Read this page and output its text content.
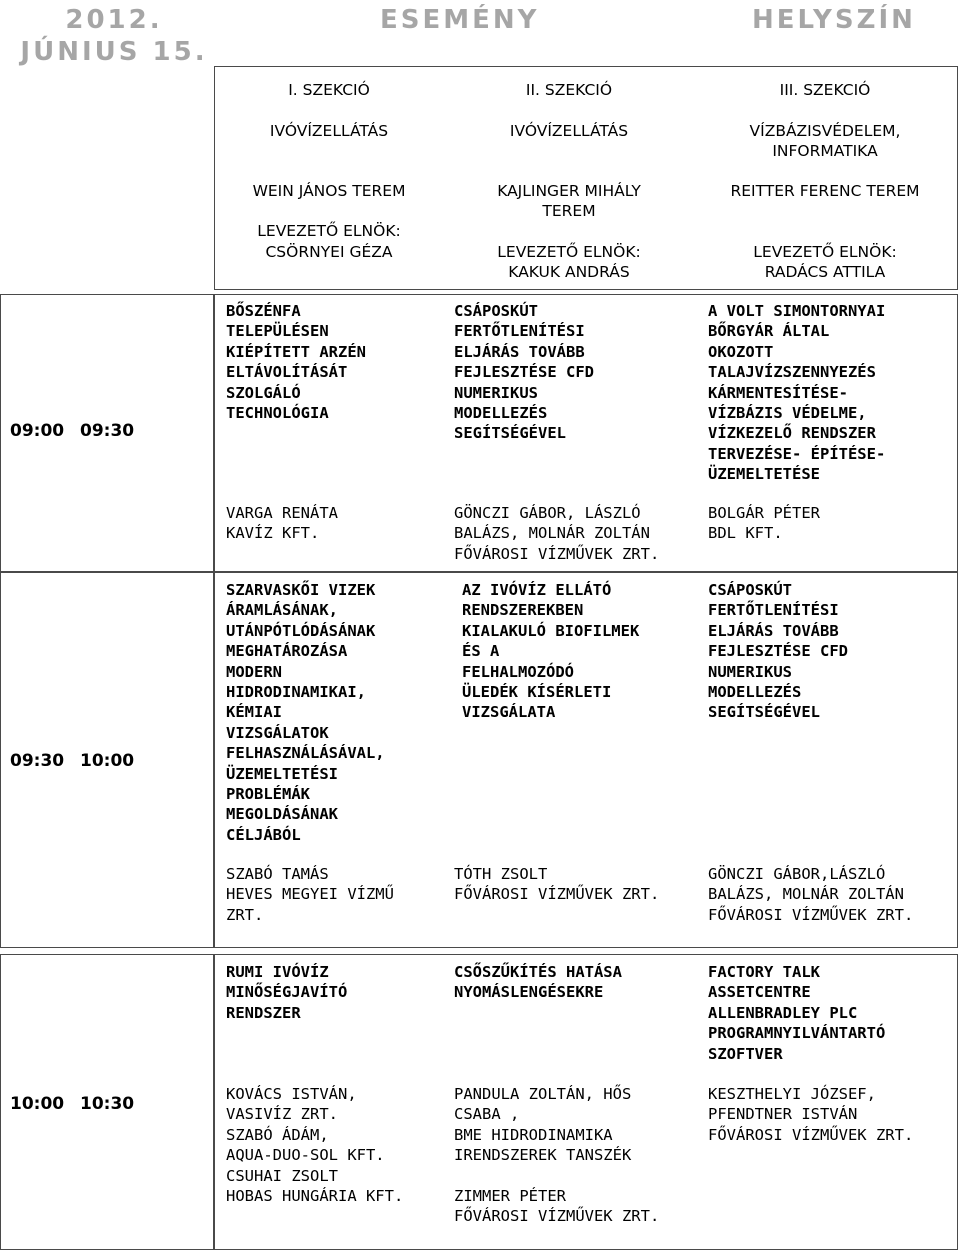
2012.
JÚNIUS 15.
ESEMÉNY	HELYSZÍN
I. SZEKCIÓ
IVÓVÍZELLÁTÁS
WEIN JÁNOS TEREM
LEVEZETŐ ELNÖK:
CSÖRNYEI GÉZA
II. SZEKCIÓ
IVÓVÍZELLÁTÁS
KAJLINGER MIHÁLY
TEREM
LEVEZETŐ ELNÖK:
KAKUK ANDRÁS
III. SZEKCIÓ
VÍZBÁZISVÉDELEM,
INFORMATIKA
REITTER FERENC TEREM
LEVEZETŐ ELNÖK:
RADÁCS ATTILA
09:00 09:30
BŐSZÉNFA
TELEPÜLÉSEN
KIÉPÍTETT ARZÉN
ELTÁVOLÍTÁSÁT
SZOLGÁLÓ
TECHNOLÓGIA
VARGA RENÁTA
KAVÍZ KFT.
CSÁPOSKÚT
FERTŐTLENÍTÉSI
ELJÁRÁS TOVÁBB
FEJLESZTÉSE CFD
NUMERIKUS
MODELLEZÉS
SEGÍTSÉGÉVEL
GÖNCZI GÁBOR, LÁSZLÓ
BALÁZS, MOLNÁR ZOLTÁN
FŐVÁROSI VÍZMŰVEK ZRT.
A VOLT SIMONTORNYAI
BŐRGYÁR ÁLTAL
OKOZOTT
TALAJVÍZSZENNYEZÉS
KÁRMENTESÍTÉSE-
VÍZBÁZIS VÉDELME,
VÍZKEZELŐ RENDSZER
TERVEZÉSE- ÉPÍTÉSE-
ÜZEMELTETÉSE
BOLGÁR PÉTER
BDL KFT.
09:30 10:00
SZARVASKŐI VIZEK
ÁRAMLÁSÁNAK,
UTÁNPÓTLÓDÁSÁNAK
MEGHATÁROZÁSA
MODERN
HIDRODINAMIKAI,
KÉMIAI
VIZSGÁLATOK
FELHASZNÁLÁSÁVAL,
ÜZEMELTETÉSI
PROBLÉMÁK
MEGOLDÁSÁNAK
CÉLJÁBÓL
SZABÓ TAMÁS
HEVES MEGYEI VÍZMŰ
ZRT.
AZ IVÓVÍZ ELLÁTÓ
RENDSZEREKBEN
KIALAKULÓ BIOFILMEK
ÉS A
FELHALMOZÓDÓ
ÜLEDÉK KÍSÉRLETI
VIZSGÁLATA
TÓTH ZSOLT
FŐVÁROSI VÍZMŰVEK ZRT.
CSÁPOSKÚT
FERTŐTLENÍTÉSI
ELJÁRÁS TOVÁBB
FEJLESZTÉSE CFD
NUMERIKUS
MODELLEZÉS
SEGÍTSÉGÉVEL
GÖNCZI GÁBOR,LÁSZLÓ
BALÁZS, MOLNÁR ZOLTÁN
FŐVÁROSI VÍZMŰVEK ZRT.
10:00 10:30
RUMI IVÓVÍZ
MINŐSÉGJAVÍTÓ
RENDSZER
KOVÁCS ISTVÁN,
VASIVÍZ ZRT.
SZABÓ ÁDÁM,
AQUA-DUO-SOL KFT.
CSUHAI ZSOLT
HOBAS HUNGÁRIA KFT.
CSŐSZŰKÍTÉS HATÁSA
NYOMÁSLENGÉSEKRE
PANDULA ZOLTÁN, HŐS
CSABA ,
BME HIDRODINAMIKA
IRENDSZEREK TANSZÉK

ZIMMER PÉTER
FŐVÁROSI VÍZMŰVEK ZRT.
FACTORY TALK
ASSETCENTRE
ALLENBRADLEY PLC
PROGRAMNYILVÁNTARTÓ
SZOFTVER
KESZTHELYI JÓZSEF,
PFENDTNER ISTVÁN
FŐVÁROSI VÍZMŰVEK ZRT.
